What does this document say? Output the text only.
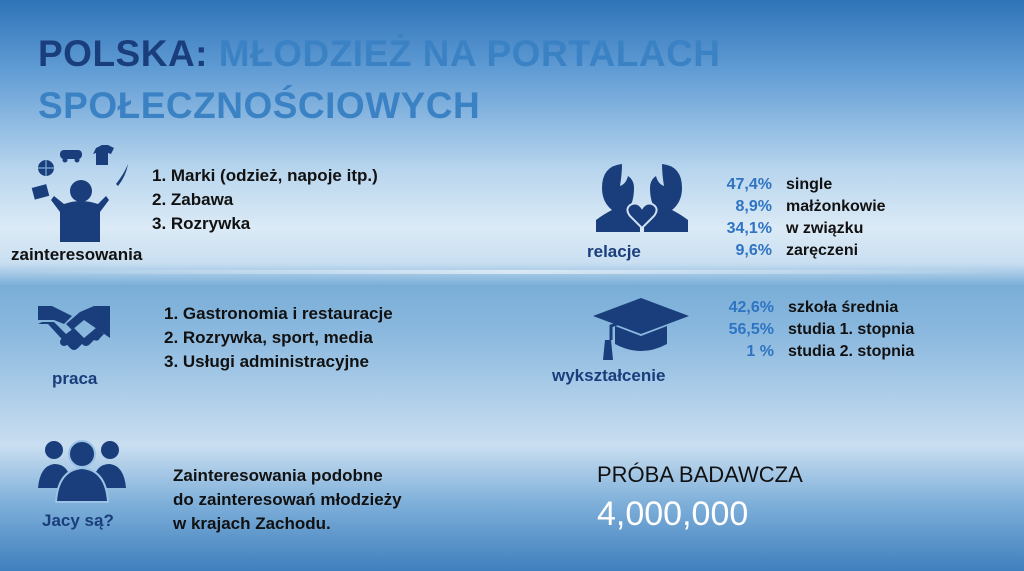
POLSKA: MŁODZIEŻ NA PORTALACH
SPOŁECZNOŚCIOWYCH
zainteresowania
1. Marki (odzież, napoje itp.)
2. Zabawa
3. Rozrywka
praca
1. Gastronomia i restauracje
2. Rozrywka, sport, media
3. Usługi administracyjne
Jacy są?
Zainteresowania podobne
do zainteresowań młodzieży
w krajach Zachodu.
relacje
47,4% single
8,9% małżonkowie
34,1% w związku
9,6% zaręczeni
wykształcenie
42,6% szkoła średnia
56,5% studia 1. stopnia
1 % studia 2. stopnia
PRÓBA BADAWCZA
4,000,000
